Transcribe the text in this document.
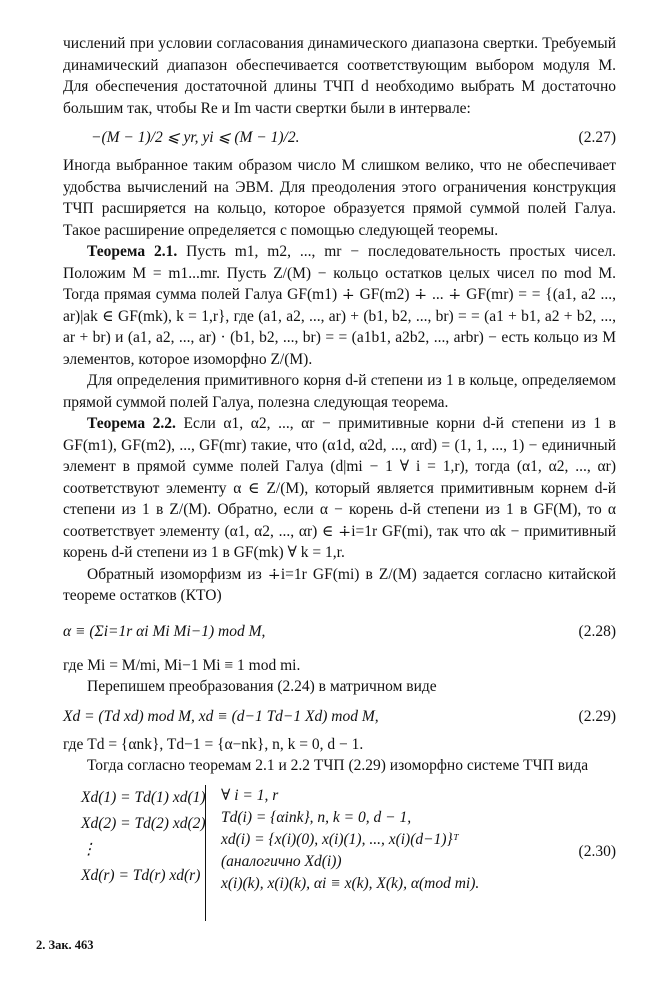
числений при условии согласования динамического диапазона свертки. Требуемый динамический диапазон обеспечивается соответствующим выбором модуля M. Для обеспечения достаточной длины ТЧП d необходимо выбрать M достаточно большим так, чтобы Re и Im части свертки были в интервале:

−(M − 1)/2 ⩽ yr, yi ⩽ (M − 1)/2.	(2.27)

Иногда выбранное таким образом число M слишком велико, что не обеспечивает удобства вычислений на ЭВМ. Для преодоления этого ограничения конструкция ТЧП расширяется на кольцо, которое образуется прямой суммой полей Галуа. Такое расширение определяется с помощью следующей теоремы.

Теорема 2.1. Пусть m1, m2, ..., mr − последовательность простых чисел. Положим M = m1...mr. Пусть Z/(M) − кольцо остатков целых чисел по mod M. Тогда прямая сумма полей Галуа GF(m1) ∔ GF(m2) ∔ ... ∔ GF(mr) = = {(a1, a2 ..., ar)|ak ∈ GF(mk), k = 1,r}, где (a1, a2, ..., ar) + (b1, b2, ..., br) = = (a1 + b1, a2 + b2, ..., ar + br) и (a1, a2, ..., ar) · (b1, b2, ..., br) = = (a1b1, a2b2, ..., arbr) − есть кольцо из M элементов, которое изоморфно Z/(M).

Для определения примитивного корня d-й степени из 1 в кольце, определяемом прямой суммой полей Галуа, полезна следующая теорема.

Теорема 2.2. Если α1, α2, ..., αr − примитивные корни d-й степени из 1 в GF(m1), GF(m2), ..., GF(mr) такие, что (α1d, α2d, ..., αrd) = (1, 1, ..., 1) − единичный элемент в прямой сумме полей Галуа (d|mi − 1 ∀ i = 1,r), тогда (α1, α2, ..., αr) соответствуют элементу α ∈ Z/(M), который является примитивным корнем d-й степени из 1 в Z/(M). Обратно, если α − корень d-й степени из 1 в GF(M), то α соответствует элементу (α1, α2, ..., αr) ∈ ∔i=1r GF(mi), так что αk − примитивный корень d-й степени из 1 в GF(mk) ∀ k = 1,r.

Обратный изоморфизм из ∔i=1r GF(mi) в Z/(M) задается согласно китайской теореме остатков (КТО)

α ≡ (Σi=1r αi Mi Mi−1) mod M,	(2.28)

где Mi = M/mi, Mi−1 Mi ≡ 1 mod mi.

Перепишем преобразования (2.24) в матричном виде

Xd = (Td xd) mod M, xd ≡ (d−1 Td−1 Xd) mod M,	(2.29)

где Td = {αnk}, Td−1 = {α−nk}, n, k = 0, d − 1.

Тогда согласно теоремам 2.1 и 2.2 ТЧП (2.29) изоморфно системе ТЧП вида

Xd(1) = Td(1) xd(1)
Xd(2) = Td(2) xd(2)
⋮
Xd(r) = Td(r) xd(r)
∀ i = 1, r
Td(i) = {αink}, n, k = 0, d − 1,
xd(i) = {x(i)(0), x(i)(1), ..., x(i)(d−1)}ᵀ
(аналогично Xd(i))
x(i)(k), x(i)(k), αi ≡ x(k), X(k), α(mod mi).
(2.30)
2. Зак. 463
